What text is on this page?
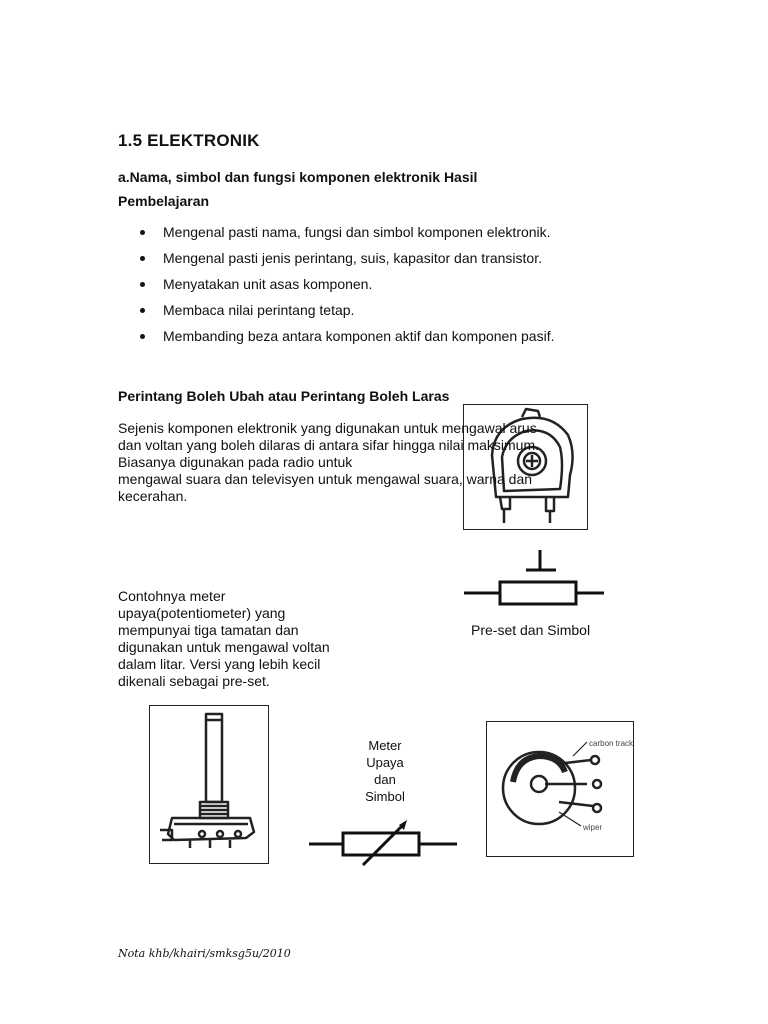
1.5 ELEKTRONIK
a.Nama, simbol dan fungsi komponen elektronik Hasil
Pembelajaran
Mengenal pasti nama, fungsi dan simbol komponen elektronik.
Mengenal pasti jenis perintang, suis, kapasitor dan transistor.
Menyatakan unit asas komponen.
Membaca nilai perintang tetap.
Membanding beza antara komponen aktif dan komponen pasif.
Perintang Boleh Ubah atau Perintang Boleh Laras
Sejenis komponen elektronik yang digunakan untuk mengawal arus
dan voltan yang boleh dilaras di antara sifar hingga nilai maksimum.
Biasanya digunakan pada radio untuk
mengawal suara dan televisyen untuk mengawal suara, warna dan
kecerahan.
Pre-set dan Simbol
Contohnya meter
upaya(potentiometer) yang
mempunyai tiga tamatan dan
digunakan untuk mengawal voltan
dalam litar. Versi yang lebih kecil
dikenali sebagai pre-set.
Meter
Upaya
dan
Simbol
carbon track
wiper
Nota khb/khairi/smksg5u/2010
